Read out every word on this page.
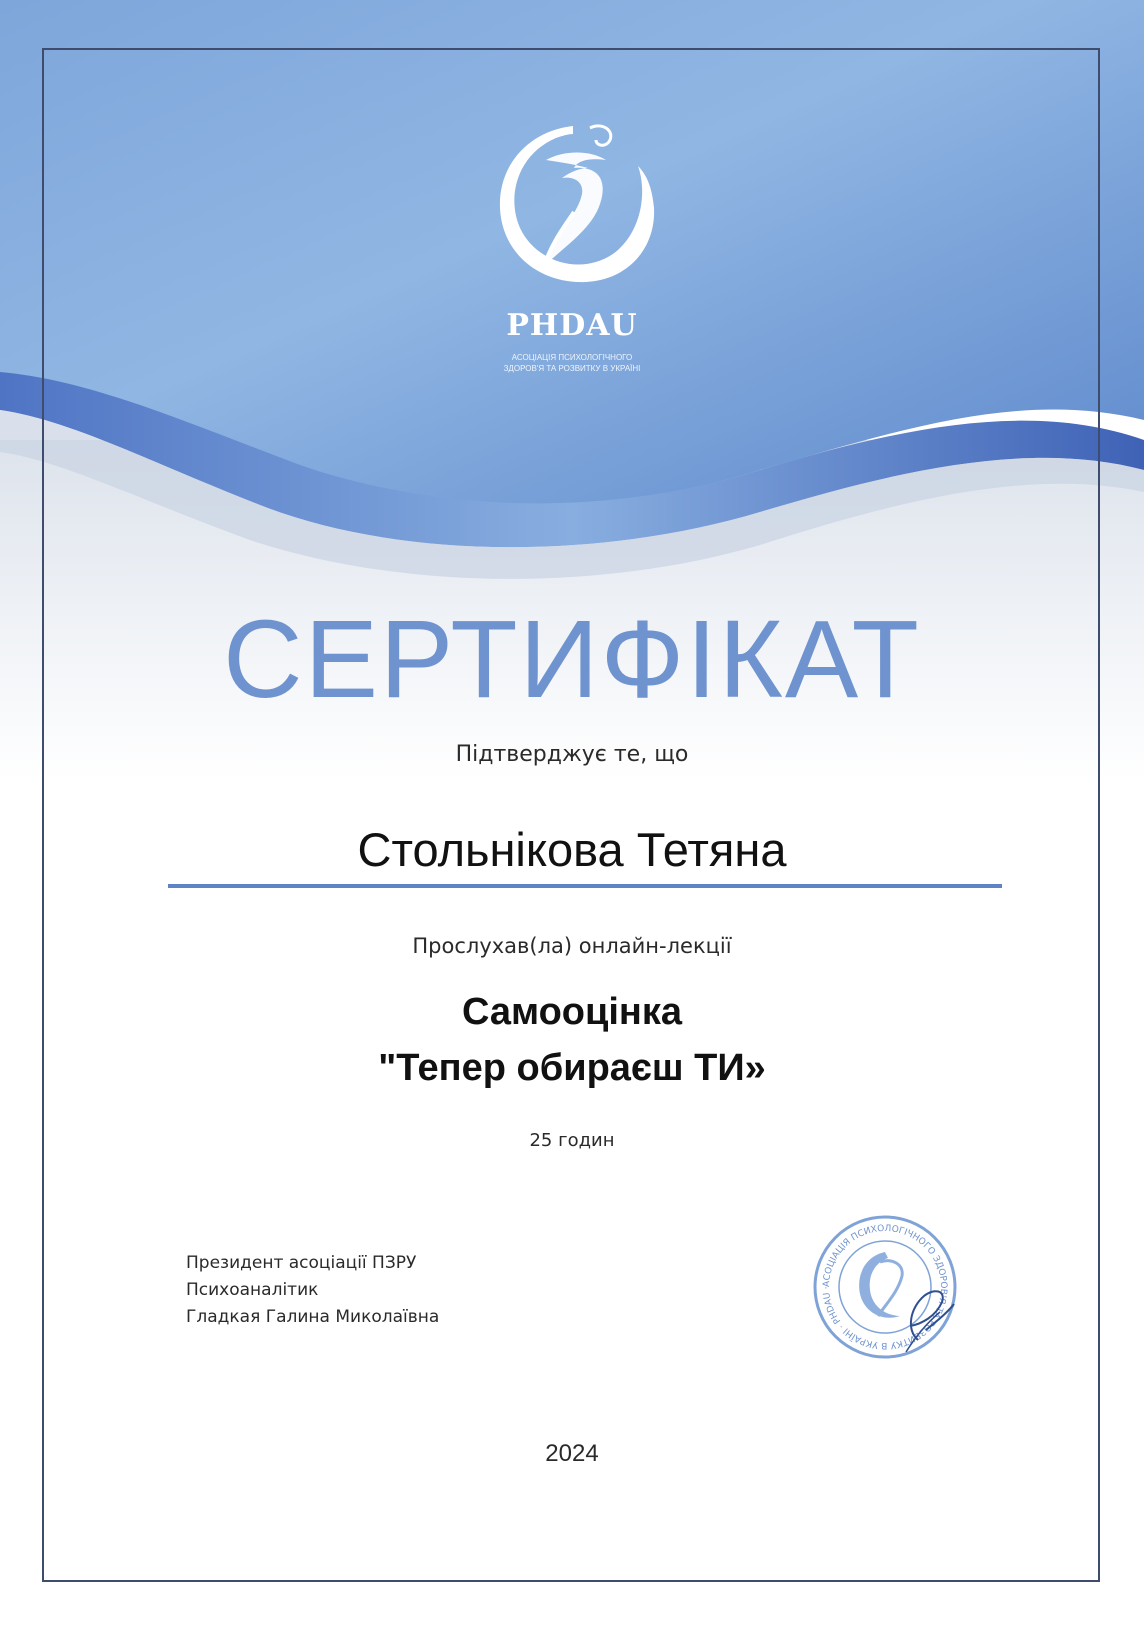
PHDAU
АСОЦІАЦІЯ ПСИХОЛОГІЧНОГО
ЗДОРОВ'Я ТА РОЗВИТКУ В УКРАЇНІ
СЕРТИФІКАТ
Підтверджує те, що
Стольнікова Тетяна
Прослухав(ла) онлайн-лекції
Самооцінка
"Тепер обираєш ТИ»
25 годин
Президент асоціації ПЗРУ
Психоаналітик
Гладкая Галина Миколаївна
АСОЦІАЦІЯ ПСИХОЛОГІЧНОГО ЗДОРОВ'Я ТА РОЗВИТКУ В УКРАЇНІ · PHDAU ·
2024
